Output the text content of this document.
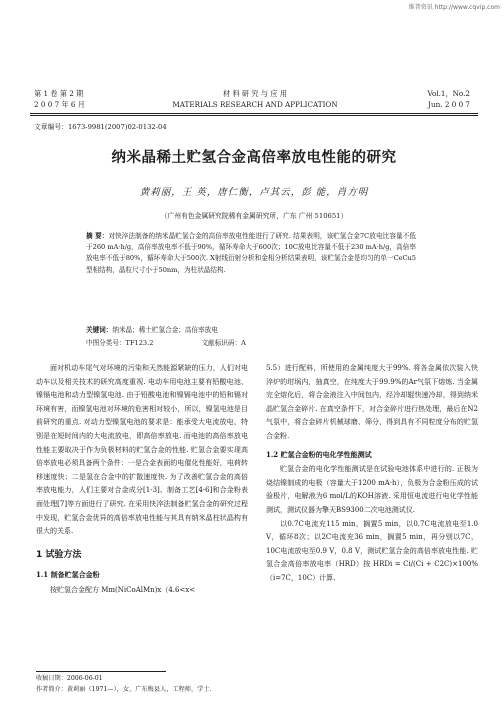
维普资讯 http://www.cqvip.com
第 1 卷 第 2 期
2 0 0 7 年 6 月
材 料 研 究 与 应 用
MATERIALS RESEARCH AND APPLICATION
Vol.1，No.2
Jun. 2 0 0 7
文章编号：1673-9981(2007)02-0132-04
纳米晶稀土贮氢合金高倍率放电性能的研究
黄莉丽，王 英，唐仁衡，卢其云，彭 能，肖方明
（广州有色金属研究院稀有金属研究所，广东 广州 510651）
摘 要：对快淬法制备的纳米晶贮氢合金的高倍率放电性能进行了研究. 结果表明，该贮氢合金7C放电比容量不低于260 mA·h/g，高倍率放电率不低于90%，循环寿命大于600次；10C放电比容量不低于230 mA·h/g，高倍率放电率不低于80%，循环寿命大于500次. X射线衍射分析和金相分析结果表明，该贮氢合金是均匀的单一CeCu5型相结构，晶粒尺寸小于50nm，为柱状晶结构.
关键词：纳米晶；稀土贮氢合金；高倍率放电
中图分类号：TF123.2	文献标识码：A

面对机动车尾气对环境的污染和天然能源紧缺的压力，人们对电动车以及相关技术的研究高度重视. 电动车用电池主要有铅酸电池、镍镉电池和动力型镍氢电池. 由于铅酸电池和镍镉电池中的铅和镉对环境有害，而镍氢电池对环境的危害相对较小，所以，镍氢电池是目前研究的重点. 对动力型镍氢电池的要求是：能承受大电流放电，特别是在短时间内的大电流放电，即高倍率放电. 而电池的高倍率放电性能主要取决于作为负极材料的贮氢合金的性能. 贮氢合金要实现高倍率放电必须具备两个条件：一是合金表面的电催化性能好，电荷转移速度快；二是氢在合金中的扩散速度快. 为了改善贮氢合金的高倍率放电能力，人们主要对合金成分[1-3]、制备工艺[4-6]和合金粉表面处理[7]等方面进行了研究. 在采用快淬法制备贮氢合金的研究过程中发现，贮氢合金优异的高倍率放电性能与其具有纳米晶柱状晶构有很大的关系.

1 试验方法

1.1 制备贮氢合金粉

按贮氢合金配方 Mm(NiCoAlMn)x（4.6<x<

5.5）进行配料，所使用的金属纯度大于99%. 将各金属依次装入快淬炉的坩埚内，抽真空，在纯度大于99.9%的Ar气氛下熔炼. 当金属完全熔化后，将合金液注入中间包内，经冷却辊快速冷却，得到纳米晶贮氢合金碎片. 在真空条件下，对合金碎片进行热处理，最后在N2气氛中，将合金碎片机械球磨、筛分，得到具有不同粒度分布的贮氢合金粉.

1.2 贮氢合金粉的电化学性能测试

贮氢合金的电化学性能测试是在试验电池体系中进行的. 正极为烧结镍制成的电极（容量大于1200 mA·h），负极为合金粉压成的试验极片，电解液为6 mol/L的KOH溶液. 采用恒电流进行电化学性能测试，测试仪器为擎天BS9300二次电池测试仪.

以0.7C电流充115 min，搁置5 min，以0.7C电流放电至1.0 V，循环8次；以2C电流充36 min，搁置5 min，再分别以7C，10C电流放电至0.9 V，0.8 V，测试贮氢合金的高倍率放电性能. 贮氢合金高倍率放电率（HRD）按 HRDi = Ci/(Ci + C2C)×100%（i=7C，10C）计算.

收稿日期：2006-06-01
作者简介：黄莉丽（1971—），女，广东梅县人，工程师，学士.
